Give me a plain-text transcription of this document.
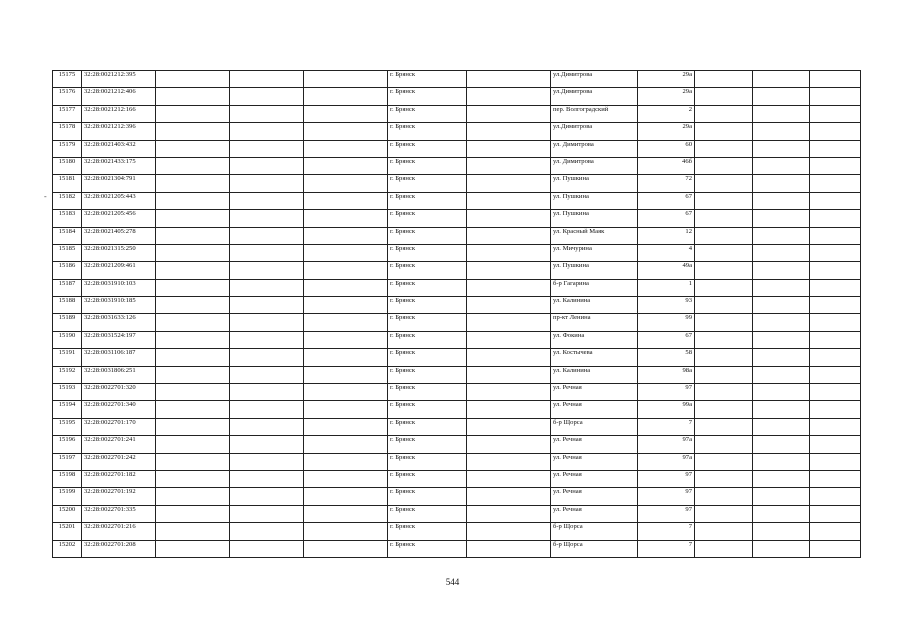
-
15175	32:28:0021212:395				г. Брянск		ул.Димитрова	29а			
15176	32:28:0021212:406				г. Брянск		ул.Димитрова	29а			
15177	32:28:0021212:166				г. Брянск		пер. Волгоградский	2			
15178	32:28:0021212:396				г. Брянск		ул.Димитрова	29а			
15179	32:28:0021403:432				г. Брянск		ул. Димитрова	60			
15180	32:28:0021433:175				г. Брянск		ул. Димитрова	46б			
15181	32:28:0021304:791				г. Брянск		ул. Пушкина	72			
15182	32:28:0021205:443				г. Брянск		ул. Пушкина	67			
15183	32:28:0021205:456				г. Брянск		ул. Пушкина	67			
15184	32:28:0021405:278				г. Брянск		ул. Красный Маяк	12			
15185	32:28:0021315:250				г. Брянск		ул. Мичурина	4			
15186	32:28:0021209:461				г. Брянск		ул. Пушкина	49а			
15187	32:28:0031910:103				г. Брянск		б-р Гагарина	1			
15188	32:28:0031910:185				г. Брянск		ул. Калинина	93			
15189	32:28:0031633:126				г. Брянск		пр-кт Ленина	99			
15190	32:28:0031524:197				г. Брянск		ул. Фокина	67			
15191	32:28:0031106:187				г. Брянск		ул. Костычева	58			
15192	32:28:0031806:251				г. Брянск		ул. Калинина	98а			
15193	32:28:0022701:320				г. Брянск		ул. Речная	97			
15194	32:28:0022701:340				г. Брянск		ул. Речная	99а			
15195	32:28:0022701:170				г. Брянск		б-р Щорса	7			
15196	32:28:0022701:241				г. Брянск		ул. Речная	97а			
15197	32:28:0022701:242				г. Брянск		ул. Речная	97а			
15198	32:28:0022701:182				г. Брянск		ул. Речная	97			
15199	32:28:0022701:192				г. Брянск		ул. Речная	97			
15200	32:28:0022701:335				г. Брянск		ул. Речная	97			
15201	32:28:0022701:216				г. Брянск		б-р Щорса	7			
15202	32:28:0022701:208				г. Брянск		б-р Щорса	7			
544
